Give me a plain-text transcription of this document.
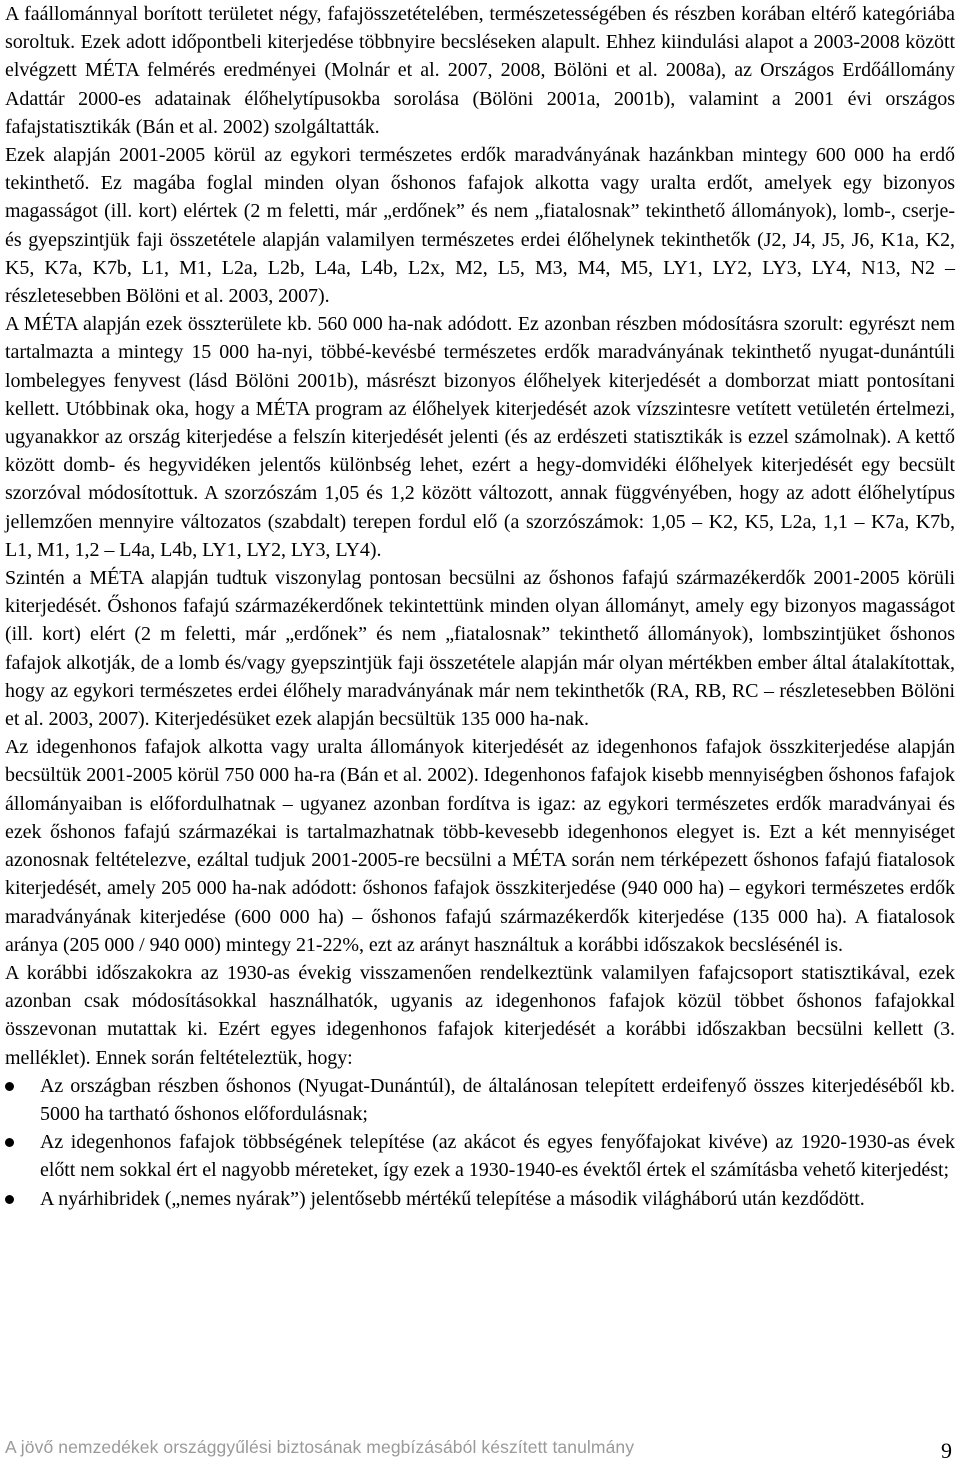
A faállománnyal borított területet négy, fafajösszetételében, természetességében és részben korában eltérő kategóriába soroltuk. Ezek adott időpontbeli kiterjedése többnyire becsléseken alapult. Ehhez kiindulási alapot a 2003-2008 között elvégzett MÉTA felmérés eredményei (Molnár et al. 2007, 2008, Bölöni et al. 2008a), az Országos Erdőállomány Adattár 2000-es adatainak élőhelytípusokba sorolása (Bölöni 2001a, 2001b), valamint a 2001 évi országos fafajstatisztikák (Bán et al. 2002) szolgáltatták.

Ezek alapján 2001-2005 körül az egykori természetes erdők maradványának hazánkban mintegy 600 000 ha erdő tekinthető. Ez magába foglal minden olyan őshonos fafajok alkotta vagy uralta erdőt, amelyek egy bizonyos magasságot (ill. kort) elértek (2 m feletti, már „erdőnek” és nem „fiatalosnak” tekinthető állományok), lomb-, cserje- és gyepszintjük faji összetétele alapján valamilyen természetes erdei élőhelynek tekinthetők (J2, J4, J5, J6, K1a, K2, K5, K7a, K7b, L1, M1, L2a, L2b, L4a, L4b, L2x, M2, L5, M3, M4, M5, LY1, LY2, LY3, LY4, N13, N2 – részletesebben Bölöni et al. 2003, 2007).

A MÉTA alapján ezek összterülete kb. 560 000 ha-nak adódott. Ez azonban részben módosításra szorult: egyrészt nem tartalmazta a mintegy 15 000 ha-nyi, többé-kevésbé természetes erdők maradványának tekinthető nyugat-dunántúli lombelegyes fenyvest (lásd Bölöni 2001b), másrészt bizonyos élőhelyek kiterjedését a domborzat miatt pontosítani kellett. Utóbbinak oka, hogy a MÉTA program az élőhelyek kiterjedését azok vízszintesre vetített vetületén értelmezi, ugyanakkor az ország kiterjedése a felszín kiterjedését jelenti (és az erdészeti statisztikák is ezzel számolnak). A kettő között domb- és hegyvidéken jelentős különbség lehet, ezért a hegy-domvidéki élőhelyek kiterjedését egy becsült szorzóval módosítottuk. A szorzószám 1,05 és 1,2 között változott, annak függvényében, hogy az adott élőhelytípus jellemzően mennyire változatos (szabdalt) terepen fordul elő (a szorzószámok: 1,05 – K2, K5, L2a, 1,1 – K7a, K7b, L1, M1, 1,2 – L4a, L4b, LY1, LY2, LY3, LY4).

Szintén a MÉTA alapján tudtuk viszonylag pontosan becsülni az őshonos fafajú származékerdők 2001-2005 körüli kiterjedését. Őshonos fafajú származékerdőnek tekintettünk minden olyan állományt, amely egy bizonyos magasságot (ill. kort) elért (2 m feletti, már „erdőnek” és nem „fiatalosnak” tekinthető állományok), lombszintjüket őshonos fafajok alkotják, de a lomb és/vagy gyepszintjük faji összetétele alapján már olyan mértékben ember által átalakítottak, hogy az egykori természetes erdei élőhely maradványának már nem tekinthetők (RA, RB, RC – részletesebben Bölöni et al. 2003, 2007). Kiterjedésüket ezek alapján becsültük 135 000 ha-nak.

Az idegenhonos fafajok alkotta vagy uralta állományok kiterjedését az idegenhonos fafajok összkiterjedése alapján becsültük 2001-2005 körül 750 000 ha-ra (Bán et al. 2002). Idegenhonos fafajok kisebb mennyiségben őshonos fafajok állományaiban is előfordulhatnak – ugyanez azonban fordítva is igaz: az egykori természetes erdők maradványai és ezek őshonos fafajú származékai is tartalmazhatnak több-kevesebb idegenhonos elegyet is. Ezt a két mennyiséget azonosnak feltételezve, ezáltal tudjuk 2001-2005-re becsülni a MÉTA során nem térképezett őshonos fafajú fiatalosok kiterjedését, amely 205 000 ha-nak adódott: őshonos fafajok összkiterjedése (940 000 ha) – egykori természetes erdők maradványának kiterjedése (600 000 ha) – őshonos fafajú származékerdők kiterjedése (135 000 ha). A fiatalosok aránya (205 000 / 940 000) mintegy 21-22%, ezt az arányt használtuk a korábbi időszakok becslésénél is.

A korábbi időszakokra az 1930-as évekig visszamenően rendelkeztünk valamilyen fafajcsoport statisztikával, ezek azonban csak módosításokkal használhatók, ugyanis az idegenhonos fafajok közül többet őshonos fafajokkal összevonan mutattak ki. Ezért egyes idegenhonos fafajok kiterjedését a korábbi időszakban becsülni kellett (3. melléklet). Ennek során feltételeztük, hogy:

Az országban részben őshonos (Nyugat-Dunántúl), de általánosan telepített erdeifenyő összes kiterjedéséből kb. 5000 ha tartható őshonos előfordulásnak;
Az idegenhonos fafajok többségének telepítése (az akácot és egyes fenyőfajokat kivéve) az 1920-1930-as évek előtt nem sokkal ért el nagyobb méreteket, így ezek a 1930-1940-es évektől értek el számításba vehető kiterjedést;
A nyárhibridek („nemes nyárak”) jelentősebb mértékű telepítése a második világháború után kezdődött.
A jövő nemzedékek országgyűlési biztosának megbízásából készített tanulmány	9
